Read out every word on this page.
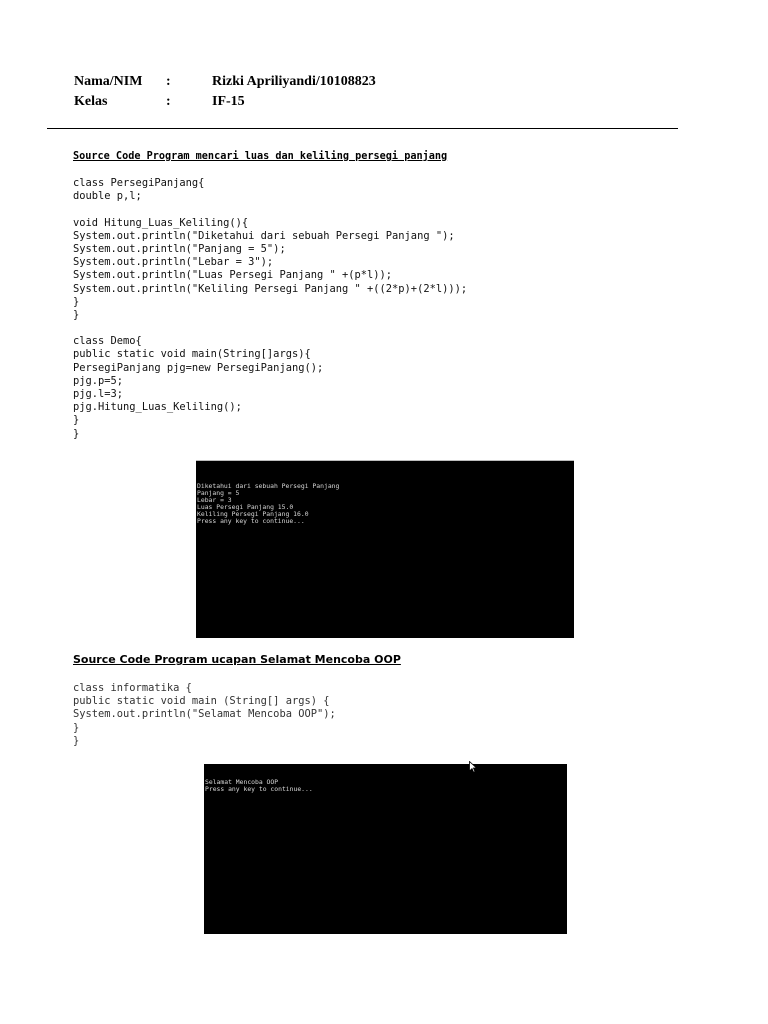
Nama/NIM :	Rizki Apriliyandi/10108823
Kelas	:	IF-15
Source Code Program mencari luas dan keliling persegi panjang
class PersegiPanjang{
double p,l;
void Hitung_Luas_Keliling(){
System.out.println("Diketahui dari sebuah Persegi Panjang ");
System.out.println("Panjang = 5");
System.out.println("Lebar = 3");
System.out.println("Luas Persegi Panjang " +(p*l));
System.out.println("Keliling Persegi Panjang " +((2*p)+(2*l)));
}
}
class Demo{
public static void main(String[]args){
PersegiPanjang pjg=new PersegiPanjang();
pjg.p=5;
pjg.l=3;
pjg.Hitung_Luas_Keliling();
}
}

Diketahui dari sebuah Persegi Panjang
Panjang = 5
Lebar = 3
Luas Persegi Panjang 15.0
Keliling Persegi Panjang 16.0
Press any key to continue...

Source Code Program ucapan Selamat Mencoba OOP
class informatika {
public static void main (String[] args) {
System.out.println("Selamat Mencoba OOP");
}
}

Selamat Mencoba OOP
Press any key to continue...
